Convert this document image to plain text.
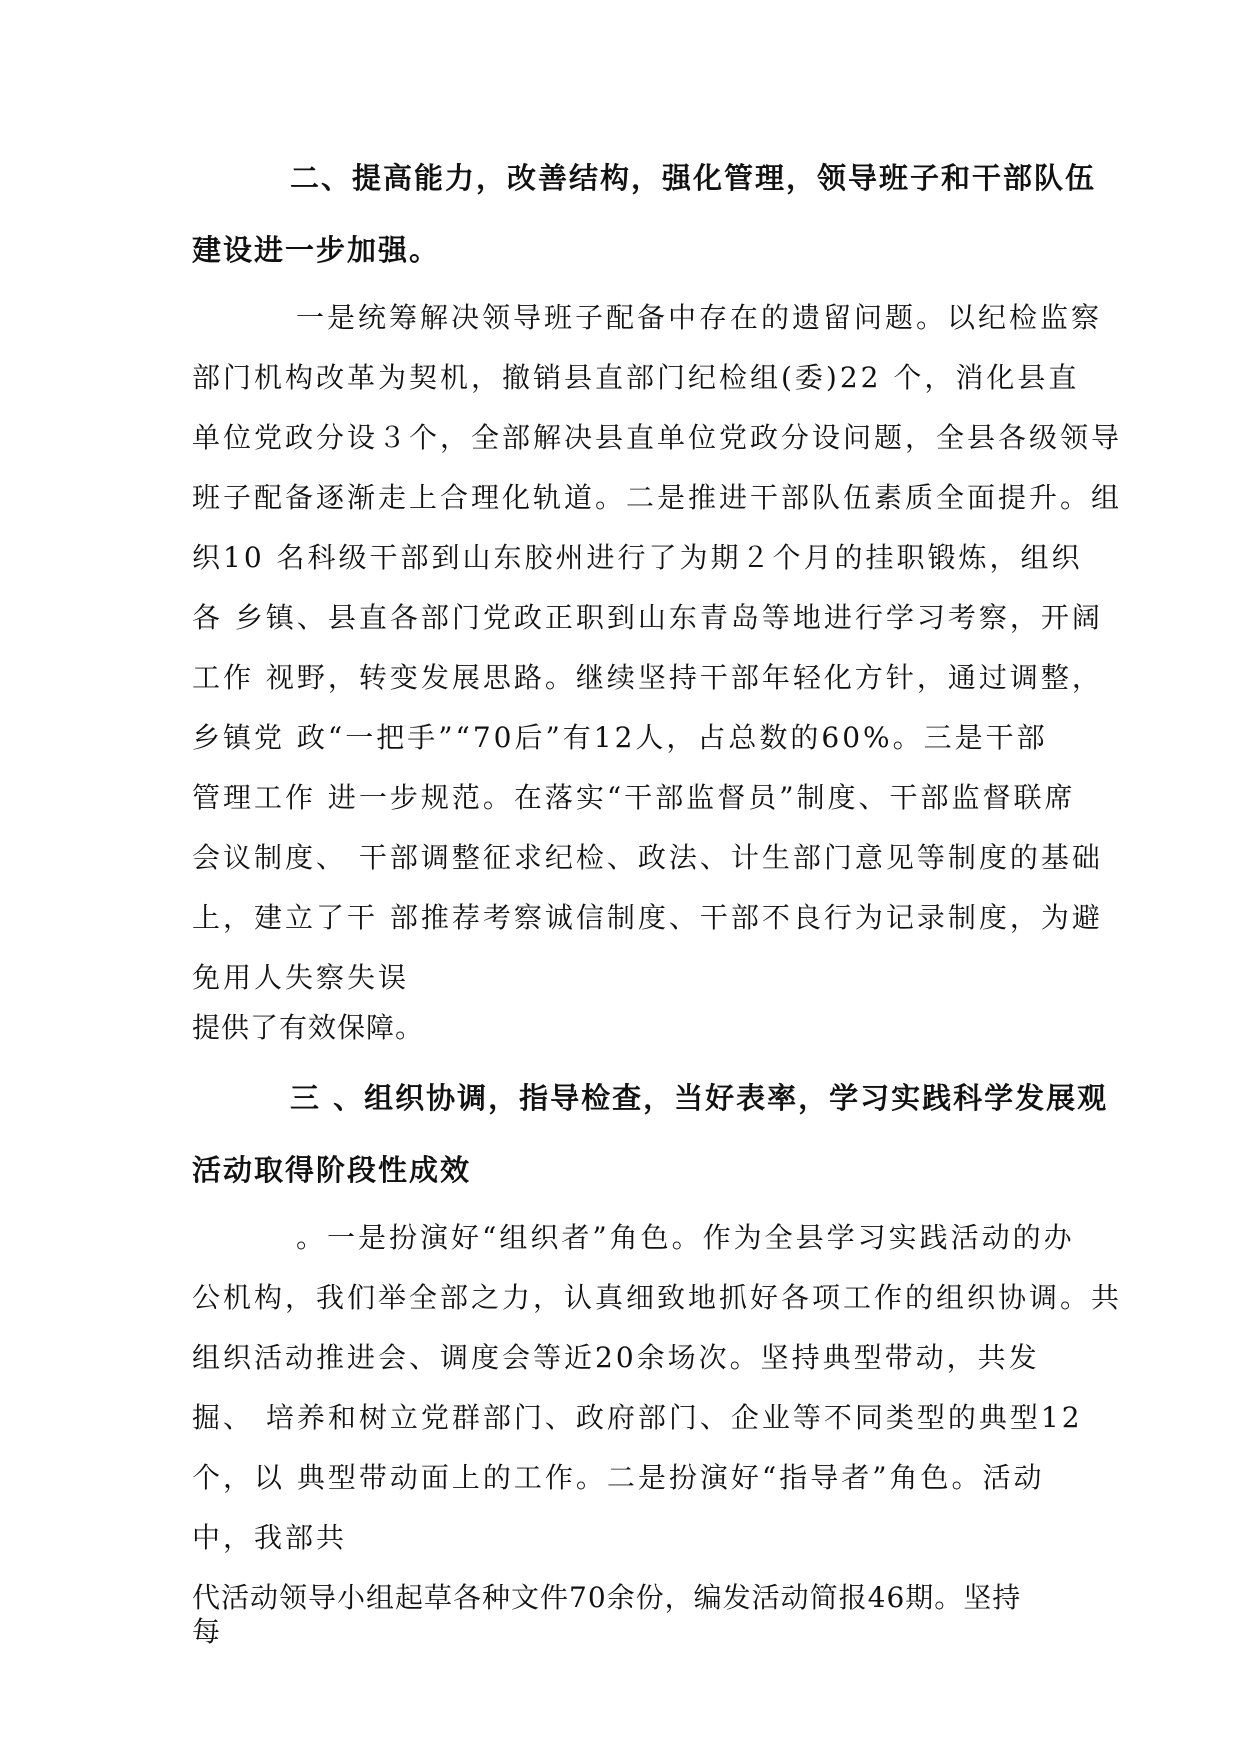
二、提高能力，改善结构，强化管理，领导班子和干部队伍
建设进一步加强。
一是统筹解决领导班子配备中存在的遗留问题。以纪检监察
部门机构改革为契机，撤销县直部门纪检组(委)22 个，消化县直
单位党政分设３个，全部解决县直单位党政分设问题，全县各级领导
班子配备逐渐走上合理化轨道。二是推进干部队伍素质全面提升。组
织10 名科级干部到山东胶州进行了为期２个月的挂职锻炼，组织
各 乡镇、县直各部门党政正职到山东青岛等地进行学习考察，开阔
工作 视野，转变发展思路。继续坚持干部年轻化方针，通过调整，
乡镇党 政“一把手”“70后”有12人，占总数的60%。三是干部
管理工作 进一步规范。在落实“干部监督员”制度、干部监督联席
会议制度、 干部调整征求纪检、政法、计生部门意见等制度的基础
上，建立了干 部推荐考察诚信制度、干部不良行为记录制度，为避
免用人失察失误
提供了有效保障。
三 、组织协调，指导检查，当好表率，学习实践科学发展观
活动取得阶段性成效
。一是扮演好“组织者”角色。作为全县学习实践活动的办
公机构，我们举全部之力，认真细致地抓好各项工作的组织协调。共
组织活动推进会、调度会等近20余场次。坚持典型带动，共发
掘、 培养和树立党群部门、政府部门、企业等不同类型的典型12
个，以 典型带动面上的工作。二是扮演好“指导者”角色。活动
中，我部共
代活动领导小组起草各种文件70余份，编发活动简报46期。坚持
每
